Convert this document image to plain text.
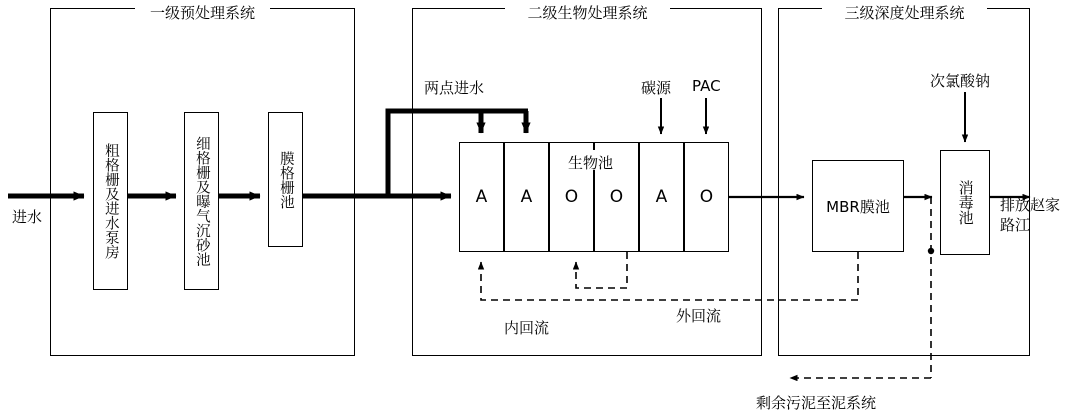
一级预处理系统	二级生物处理系统	三级深度处理系统
粗格栅及进水泵房	细格栅及曝气沉砂池	膜格栅池	A	A	O	O	A	O
生物池
MBR膜池	消毒池
进水
两点进水	碳源 PAC	次氯酸钠
内回流
外回流
排放赵家路江
剩余污泥至泥系统
